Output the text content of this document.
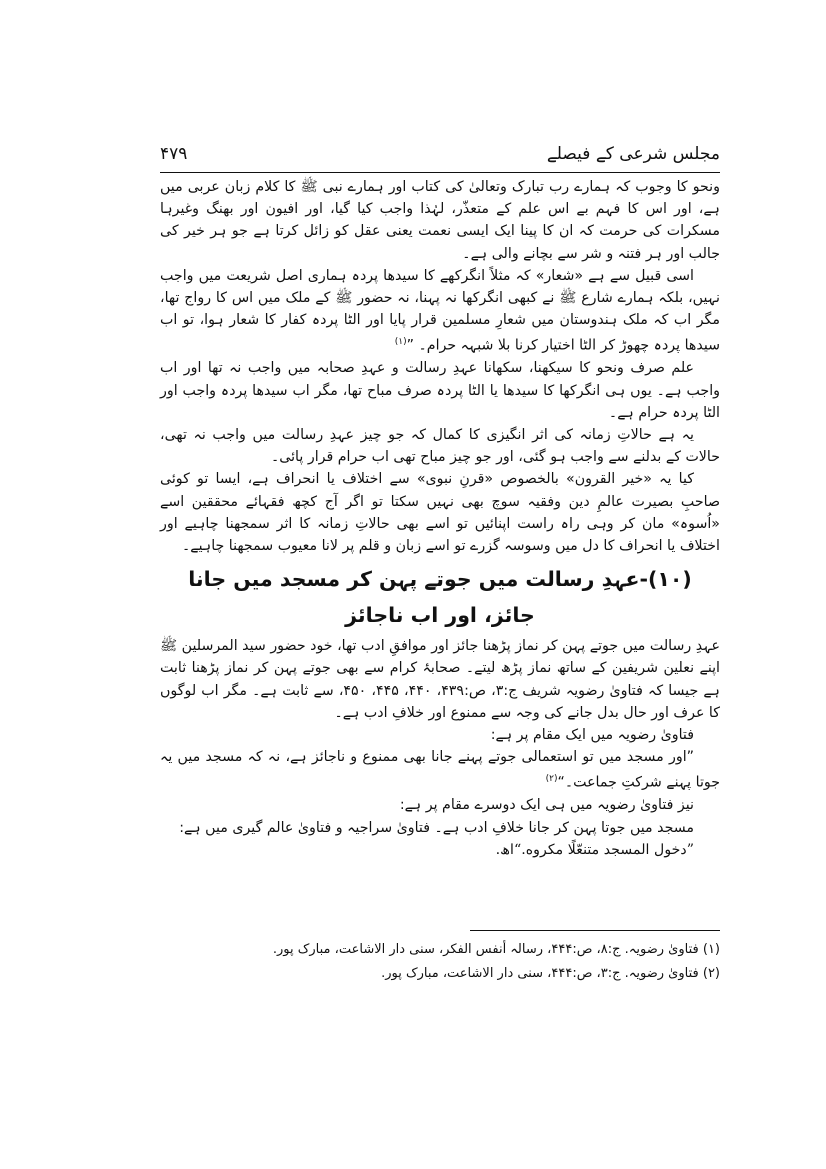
مجلس شرعی کے فیصلے
۴۷۹

ونحو کا وجوب کہ ہمارے رب تبارک وتعالیٰ کی کتاب اور ہمارے نبی ﷺ کا کلام زبان عربی میں ہے، اور اس کا فہم بے اس علم کے متعذّر، لہٰذا واجب کیا گیا، اور افیون اور بھنگ وغیرہا مسکرات کی حرمت کہ ان کا پینا ایک ایسی نعمت یعنی عقل کو زائل کرتا ہے جو ہر خیر کی جالب اور ہر فتنہ و شر سے بچانے والی ہے۔

اسی قبیل سے ہے «شعار» کہ مثلاً انگرکھے کا سیدھا پردہ ہماری اصل شریعت میں واجب نہیں، بلکہ ہمارے شارع ﷺ نے کبھی انگرکھا نہ پہنا، نہ حضور ﷺ کے ملک میں اس کا رواج تھا، مگر اب کہ ملک ہندوستان میں شعارِ مسلمین قرار پایا اور الٹا پردہ کفار کا شعار ہوا، تو اب سیدھا پردہ چھوڑ کر الٹا اختیار کرنا بلا شبہہ حرام۔ ”$^{(۱)}$

علم صرف ونحو کا سیکھنا، سکھانا عہدِ رسالت و عہدِ صحابہ میں واجب نہ تھا اور اب واجب ہے۔ یوں ہی انگرکھا کا سیدھا یا الٹا پردہ صرف مباح تھا، مگر اب سیدھا پردہ واجب اور الٹا پردہ حرام ہے۔

یہ ہے حالاتِ زمانہ کی اثر انگیزی کا کمال کہ جو چیز عہدِ رسالت میں واجب نہ تھی، حالات کے بدلنے سے واجب ہو گئی، اور جو چیز مباح تھی اب حرام قرار پائی۔

کیا یہ «خیر القرون» بالخصوص «قرنِ نبوی» سے اختلاف یا انحراف ہے، ایسا تو کوئی صاحبِ بصیرت عالمِ دین وفقیہ سوچ بھی نہیں سکتا تو اگر آج کچھ فقہائے محققین اسے «اُسوہ» مان کر وہی راہ راست اپنائیں تو اسے بھی حالاتِ زمانہ کا اثر سمجھنا چاہیے اور اختلاف یا انحراف کا دل میں وسوسہ گزرے تو اسے زبان و قلم پر لانا معیوب سمجھنا چاہیے۔

(۱۰)-عہدِ رسالت میں جوتے پہن کر مسجد میں جانا جائز، اور اب ناجائز

عہدِ رسالت میں جوتے پہن کر نماز پڑھنا جائز اور موافقِ ادب تھا، خود حضور سید المرسلین ﷺ اپنے نعلین شریفین کے ساتھ نماز پڑھ لیتے۔ صحابۂ کرام سے بھی جوتے پہن کر نماز پڑھنا ثابت ہے جیسا کہ فتاویٰ رضویہ شریف ج:۳، ص:۴۳۹، ۴۴۰، ۴۴۵، ۴۵۰، سے ثابت ہے۔ مگر اب لوگوں کا عرف اور حال بدل جانے کی وجہ سے ممنوع اور خلافِ ادب ہے۔

فتاویٰ رضویہ میں ایک مقام پر ہے:

”اور مسجد میں تو استعمالی جوتے پہنے جانا بھی ممنوع و ناجائز ہے، نہ کہ مسجد میں یہ جوتا پہنے شرکتِ جماعت۔“$^{(۲)}$

نیز فتاویٰ رضویہ میں ہی ایک دوسرے مقام پر ہے:

مسجد میں جوتا پہن کر جانا خلافِ ادب ہے۔ فتاویٰ سراجیہ و فتاویٰ عالم گیری میں ہے:

”دخول المسجد متنعّلًا مكروه.“اھ.

(۱) فتاویٰ رضویہ. ج:۸، ص:۴۴۴، رسالہ أنفس الفکر، سنی دار الاشاعت، مبارک پور.

(۲) فتاویٰ رضویہ. ج:۳، ص:۴۴۴، سنی دار الاشاعت، مبارک پور.
